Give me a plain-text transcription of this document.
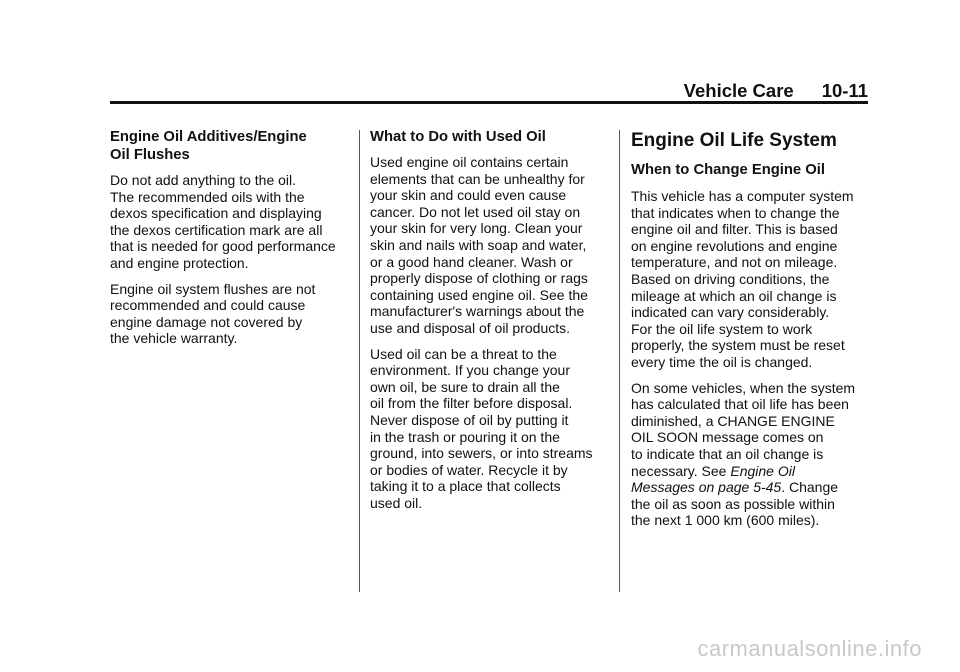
Vehicle Care 10-11
Engine Oil Additives/Engine
Oil Flushes

Do not add anything to the oil.
The recommended oils with the
dexos specification and displaying
the dexos certification mark are all
that is needed for good performance
and engine protection.

Engine oil system flushes are not
recommended and could cause
engine damage not covered by
the vehicle warranty.

What to Do with Used Oil

Used engine oil contains certain
elements that can be unhealthy for
your skin and could even cause
cancer. Do not let used oil stay on
your skin for very long. Clean your
skin and nails with soap and water,
or a good hand cleaner. Wash or
properly dispose of clothing or rags
containing used engine oil. See the
manufacturer's warnings about the
use and disposal of oil products.

Used oil can be a threat to the
environment. If you change your
own oil, be sure to drain all the
oil from the filter before disposal.
Never dispose of oil by putting it
in the trash or pouring it on the
ground, into sewers, or into streams
or bodies of water. Recycle it by
taking it to a place that collects
used oil.

Engine Oil Life System
When to Change Engine Oil

This vehicle has a computer system
that indicates when to change the
engine oil and filter. This is based
on engine revolutions and engine
temperature, and not on mileage.
Based on driving conditions, the
mileage at which an oil change is
indicated can vary considerably.
For the oil life system to work
properly, the system must be reset
every time the oil is changed.

On some vehicles, when the system
has calculated that oil life has been
diminished, a CHANGE ENGINE
OIL SOON message comes on
to indicate that an oil change is
necessary. See Engine Oil
Messages on page 5-45. Change
the oil as soon as possible within
the next 1 000 km (600 miles).

carmanualsonline.info
